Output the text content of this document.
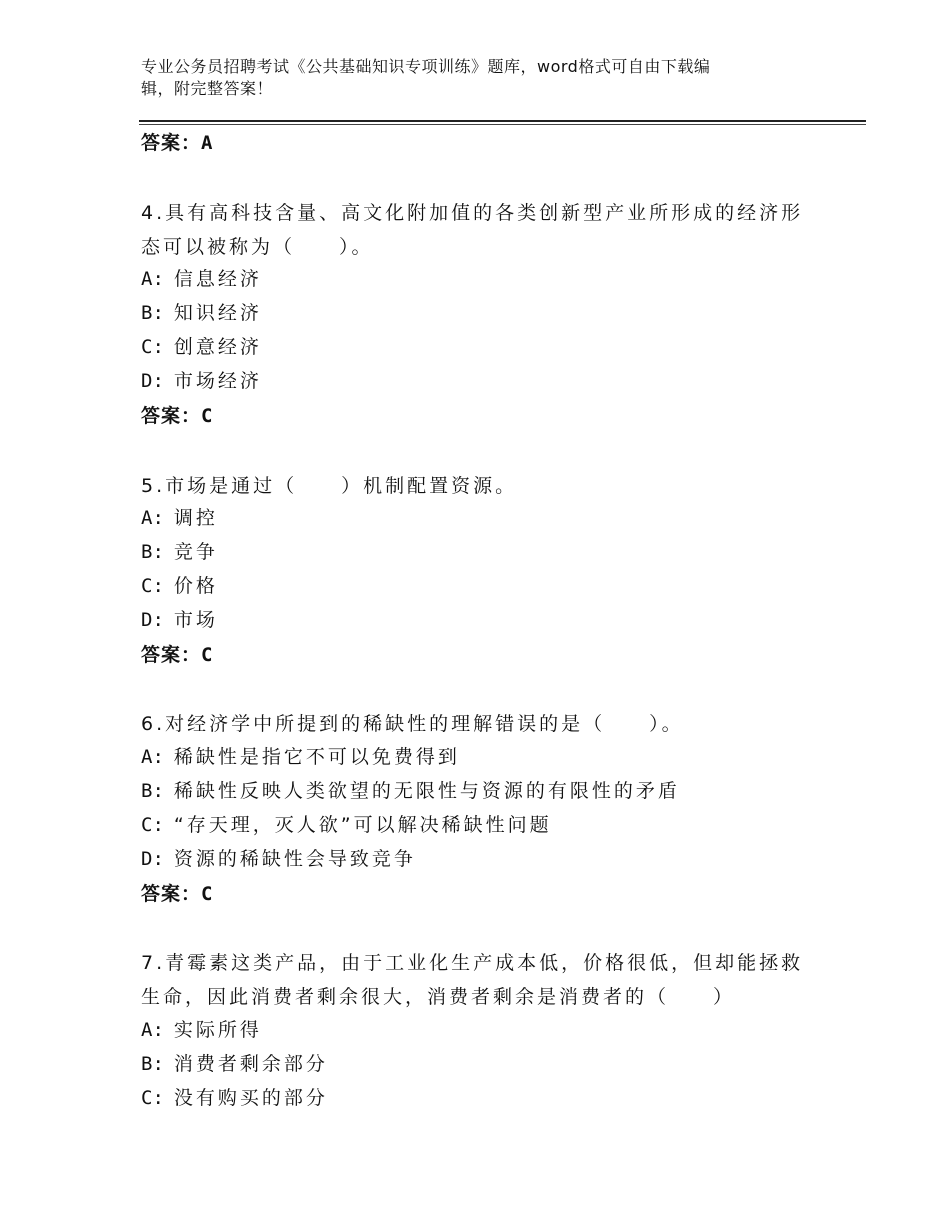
专业公务员招聘考试《公共基础知识专项训练》题库，word格式可自由下载编
辑，附完整答案！
答案：A
4.具有高科技含量、高文化附加值的各类创新型产业所形成的经济形
态可以被称为（　　）。
A: 信息经济
B: 知识经济
C: 创意经济
D: 市场经济
答案：C
5.市场是通过（　　）机制配置资源。
A: 调控
B: 竞争
C: 价格
D: 市场
答案：C
6.对经济学中所提到的稀缺性的理解错误的是（　　）。
A: 稀缺性是指它不可以免费得到
B: 稀缺性反映人类欲望的无限性与资源的有限性的矛盾
C: “存天理，灭人欲”可以解决稀缺性问题
D: 资源的稀缺性会导致竞争
答案：C
7.青霉素这类产品，由于工业化生产成本低，价格很低，但却能拯救
生命，因此消费者剩余很大，消费者剩余是消费者的（　　）
A: 实际所得
B: 消费者剩余部分
C: 没有购买的部分
